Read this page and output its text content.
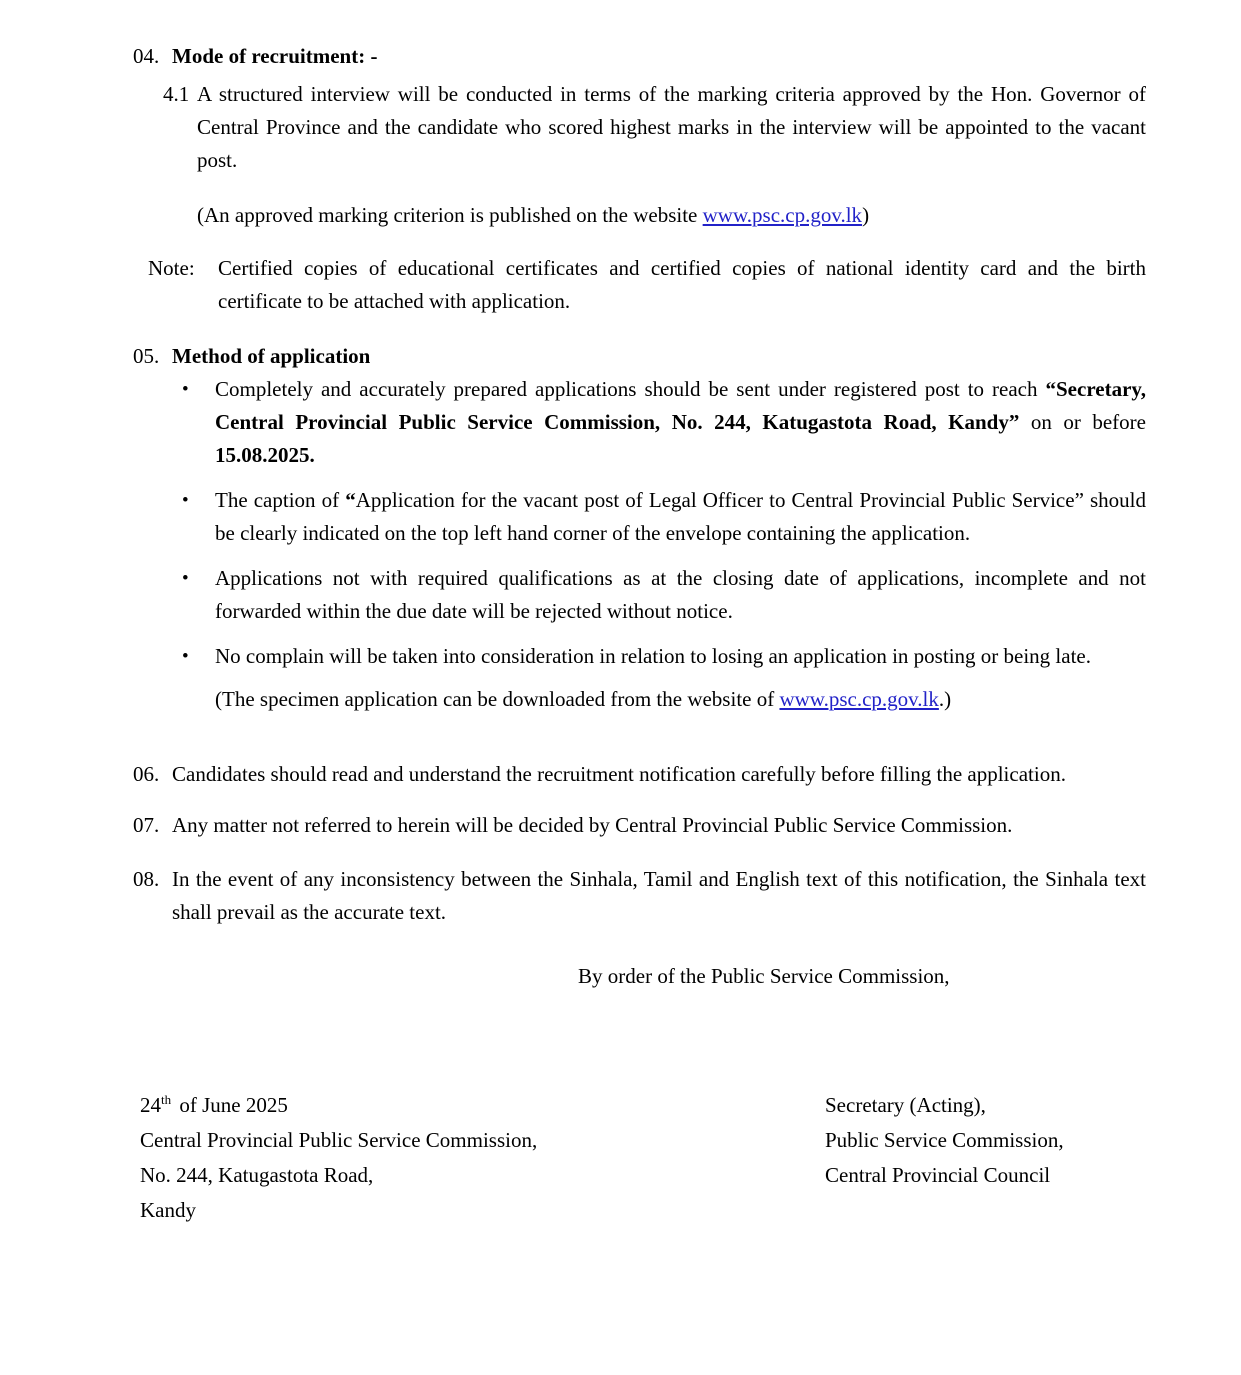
04. Mode of recruitment: -
4.1 A structured interview will be conducted in terms of the marking criteria approved by the Hon. Governor of Central Province and the candidate who scored highest marks in the interview will be appointed to the vacant post.

(An approved marking criterion is published on the website www.psc.cp.gov.lk)

Note:	Certified copies of educational certificates and certified copies of national identity card and the birth certificate to be attached with application.
05. Method of application
•	Completely and accurately prepared applications should be sent under registered post to reach “Secretary, Central Provincial Public Service Commission, No. 244, Katugastota Road, Kandy” on or before 15.08.2025.
•	The caption of “Application for the vacant post of Legal Officer to Central Provincial Public Service” should be clearly indicated on the top left hand corner of the envelope containing the application.
•	Applications not with required qualifications as at the closing date of applications, incomplete and not forwarded within the due date will be rejected without notice.
•	No complain will be taken into consideration in relation to losing an application in posting or being late.

(The specimen application can be downloaded from the website of www.psc.cp.gov.lk.)

06. Candidates should read and understand the recruitment notification carefully before filling the application.
07. Any matter not referred to herein will be decided by Central Provincial Public Service Commission.
08. In the event of any inconsistency between the Sinhala, Tamil and English text of this notification, the Sinhala text shall prevail as the accurate text.

By order of the Public Service Commission,

24th of June 2025
Central Provincial Public Service Commission,
No. 244, Katugastota Road,
Kandy
Secretary (Acting),
Public Service Commission,
Central Provincial Council
